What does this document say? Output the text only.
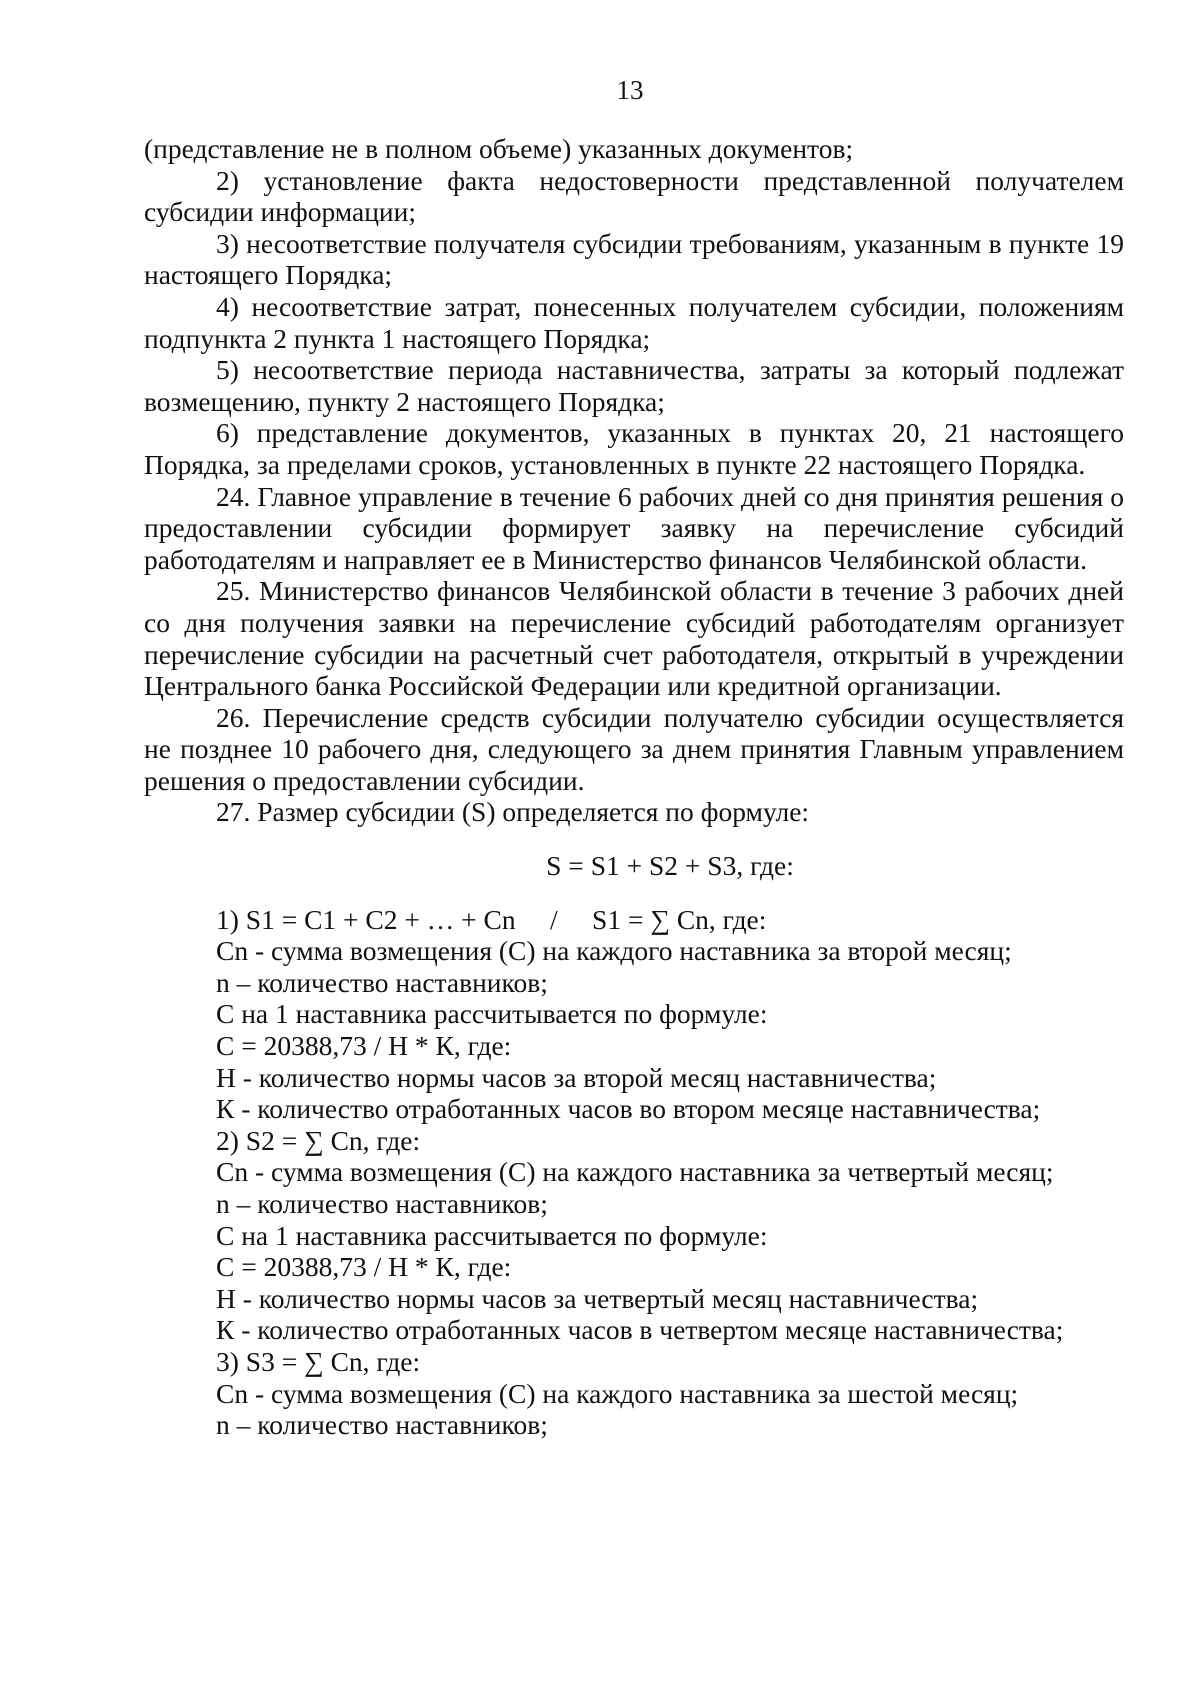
13

(представление не в полном объеме) указанных документов;

2) установление факта недостоверности представленной получателем субсидии информации;

3) несоответствие получателя субсидии требованиям, указанным в пункте 19 настоящего Порядка;

4) несоответствие затрат, понесенных получателем субсидии, положениям подпункта 2 пункта 1 настоящего Порядка;

5) несоответствие периода наставничества, затраты за который подлежат возмещению, пункту 2 настоящего Порядка;

6) представление документов, указанных в пунктах 20, 21 настоящего Порядка, за пределами сроков, установленных в пункте 22 настоящего Порядка.

24. Главное управление в течение 6 рабочих дней со дня принятия решения о предоставлении субсидии формирует заявку на перечисление субсидий работодателям и направляет ее в Министерство финансов Челябинской области.

25. Министерство финансов Челябинской области в течение 3 рабочих дней со дня получения заявки на перечисление субсидий работодателям организует перечисление субсидии на расчетный счет работодателя, открытый в учреждении Центрального банка Российской Федерации или кредитной организации.

26. Перечисление средств субсидии получателю субсидии осуществляется не позднее 10 рабочего дня, следующего за днем принятия Главным управлением решения о предоставлении субсидии.

27. Размер субсидии (S) определяется по формуле:

S = S1 + S2 + S3, где:

1) S1 = C1 + C2 + … + Cn     /     S1 = ∑ Cn, где:

Cn - сумма возмещения (C) на каждого наставника за второй месяц;

n – количество наставников;

C на 1 наставника рассчитывается по формуле:

C = 20388,73 / Н * К, где:

Н - количество нормы часов за второй месяц наставничества;

К - количество отработанных часов во втором месяце наставничества;

2) S2 = ∑ Cn, где:

Cn - сумма возмещения (C) на каждого наставника за четвертый месяц;

n – количество наставников;

C на 1 наставника рассчитывается по формуле:

C = 20388,73 / Н * К, где:

Н - количество нормы часов за четвертый месяц наставничества;

К - количество отработанных часов в четвертом месяце наставничества;

3) S3 = ∑ Cn, где:

Cn - сумма возмещения (C) на каждого наставника за шестой месяц;

n – количество наставников;
